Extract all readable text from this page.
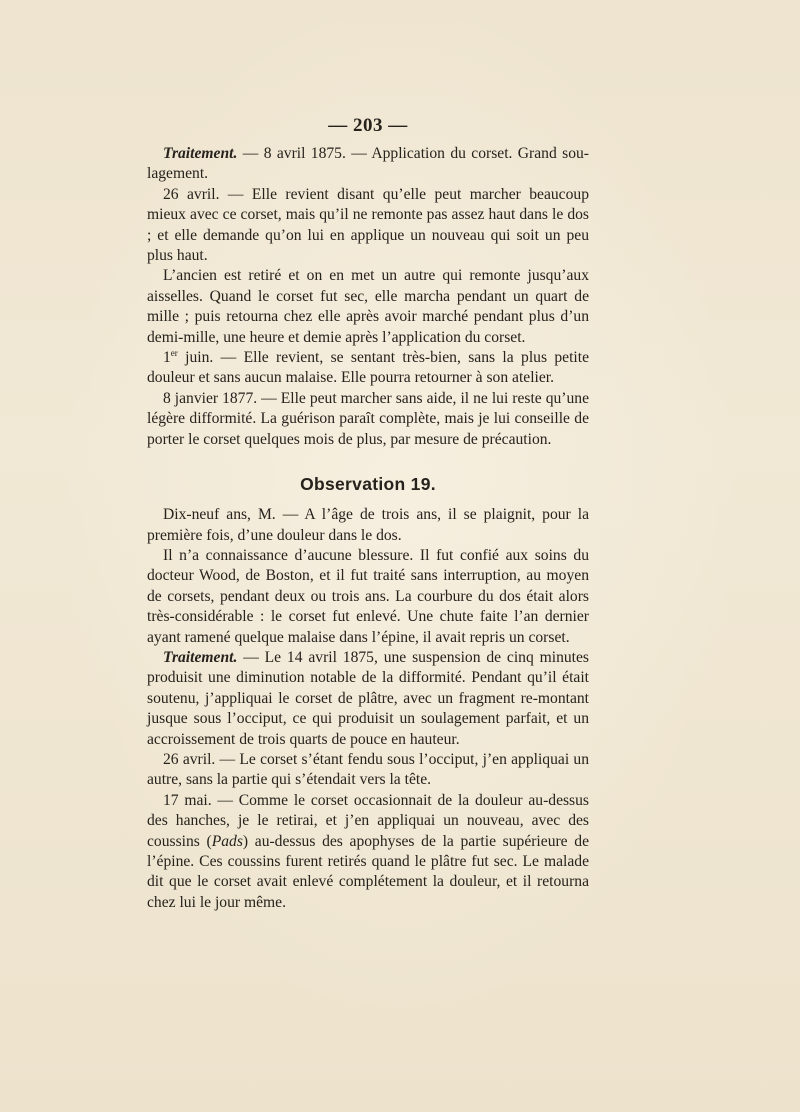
— 203 —

Traitement. — 8 avril 1875. — Application du corset. Grand sou-lagement.

26 avril. — Elle revient disant qu’elle peut marcher beaucoup mieux avec ce corset, mais qu’il ne remonte pas assez haut dans le dos ; et elle demande qu’on lui en applique un nouveau qui soit un peu plus haut.

L’ancien est retiré et on en met un autre qui remonte jusqu’aux aisselles. Quand le corset fut sec, elle marcha pendant un quart de mille ; puis retourna chez elle après avoir marché pendant plus d’un demi-mille, une heure et demie après l’application du corset.

1er juin. — Elle revient, se sentant très-bien, sans la plus petite douleur et sans aucun malaise. Elle pourra retourner à son atelier.

8 janvier 1877. — Elle peut marcher sans aide, il ne lui reste qu’une légère difformité. La guérison paraît complète, mais je lui conseille de porter le corset quelques mois de plus, par mesure de précaution.

Observation 19.

Dix-neuf ans, M. — A l’âge de trois ans, il se plaignit, pour la première fois, d’une douleur dans le dos.

Il n’a connaissance d’aucune blessure. Il fut confié aux soins du docteur Wood, de Boston, et il fut traité sans interruption, au moyen de corsets, pendant deux ou trois ans. La courbure du dos était alors très-considérable : le corset fut enlevé. Une chute faite l’an dernier ayant ramené quelque malaise dans l’épine, il avait repris un corset.

Traitement. — Le 14 avril 1875, une suspension de cinq minutes produisit une diminution notable de la difformité. Pendant qu’il était soutenu, j’appliquai le corset de plâtre, avec un fragment re-montant jusque sous l’occiput, ce qui produisit un soulagement parfait, et un accroissement de trois quarts de pouce en hauteur.

26 avril. — Le corset s’étant fendu sous l’occiput, j’en appliquai un autre, sans la partie qui s’étendait vers la tête.

17 mai. — Comme le corset occasionnait de la douleur au-dessus des hanches, je le retirai, et j’en appliquai un nouveau, avec des coussins (Pads) au-dessus des apophyses de la partie supérieure de l’épine. Ces coussins furent retirés quand le plâtre fut sec. Le malade dit que le corset avait enlevé complétement la douleur, et il retourna chez lui le jour même.
